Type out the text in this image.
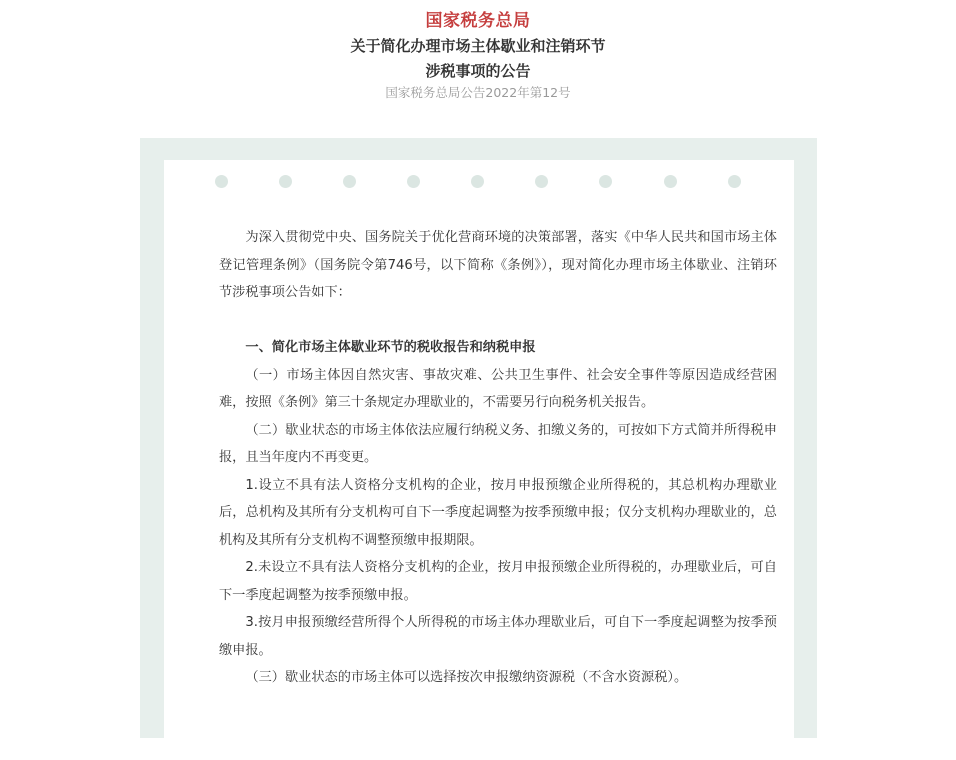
国家税务总局
关于简化办理市场主体歇业和注销环节
涉税事项的公告
国家税务总局公告2022年第12号

为深入贯彻党中央、国务院关于优化营商环境的决策部署，落实《中华人民共和国市场主体登记管理条例》（国务院令第746号，以下简称《条例》），现对简化办理市场主体歇业、注销环节涉税事项公告如下：

一、简化市场主体歇业环节的税收报告和纳税申报

（一）市场主体因自然灾害、事故灾难、公共卫生事件、社会安全事件等原因造成经营困难，按照《条例》第三十条规定办理歇业的，不需要另行向税务机关报告。

（二）歇业状态的市场主体依法应履行纳税义务、扣缴义务的，可按如下方式简并所得税申报，且当年度内不再变更。

1.设立不具有法人资格分支机构的企业，按月申报预缴企业所得税的，其总机构办理歇业后，总机构及其所有分支机构可自下一季度起调整为按季预缴申报；仅分支机构办理歇业的，总机构及其所有分支机构不调整预缴申报期限。

2.未设立不具有法人资格分支机构的企业，按月申报预缴企业所得税的，办理歇业后，可自下一季度起调整为按季预缴申报。

3.按月申报预缴经营所得个人所得税的市场主体办理歇业后，可自下一季度起调整为按季预缴申报。

（三）歇业状态的市场主体可以选择按次申报缴纳资源税（不含水资源税）。
